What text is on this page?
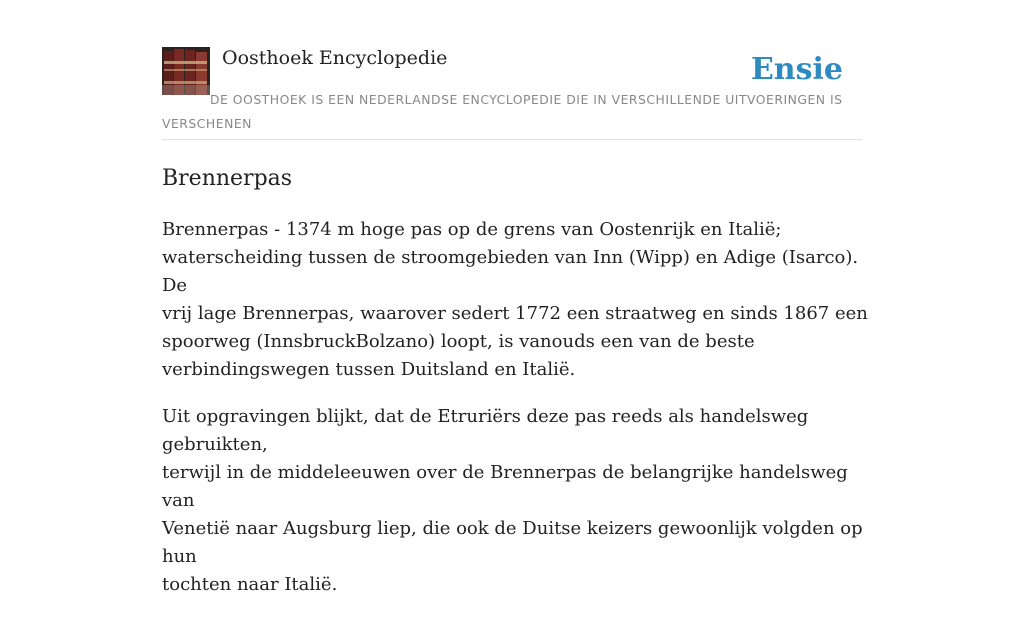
Oosthoek Encyclopedie	Ensie
DE OOSTHOEK IS EEN NEDERLANDSE ENCYCLOPEDIE DIE IN VERSCHILLENDE UITVOERINGEN IS VERSCHENEN
Brennerpas

Brennerpas - 1374 m hoge pas op de grens van Oostenrijk en Italië;
waterscheiding tussen de stroomgebieden van Inn (Wipp) en Adige (Isarco). De
vrij lage Brennerpas, waarover sedert 1772 een straatweg en sinds 1867 een
spoorweg (InnsbruckBolzano) loopt, is vanouds een van de beste
verbindingswegen tussen Duitsland en Italië.

Uit opgravingen blijkt, dat de Etruriërs deze pas reeds als handelsweg gebruikten,
terwijl in de middeleeuwen over de Brennerpas de belangrijke handelsweg van
Venetië naar Augsburg liep, die ook de Duitse keizers gewoonlijk volgden op hun
tochten naar Italië.
